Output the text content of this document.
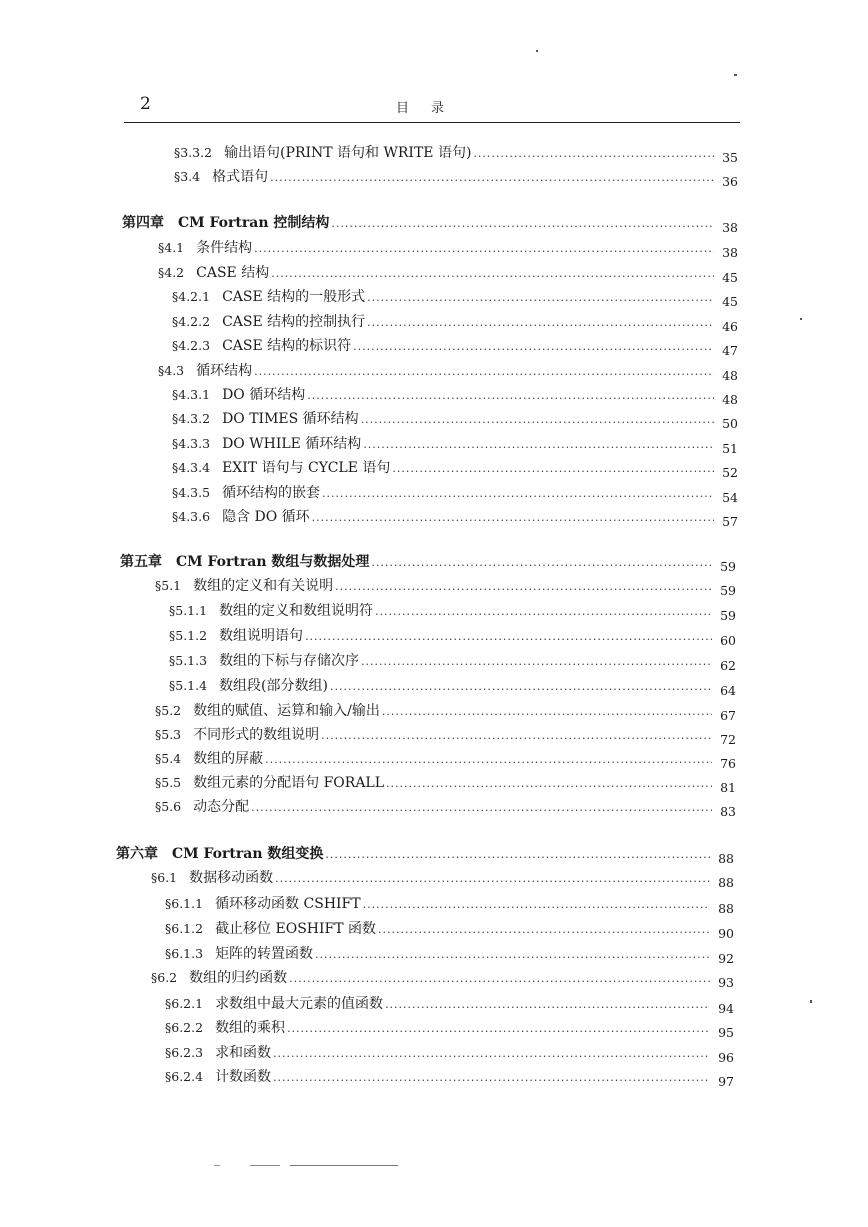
2	目录
§3.3.2 输出语句(PRINT 语句和 WRITE 语句) .....	35
§3.4 格式语句 .....	36
第四章　CM Fortran 控制结构 .....	38
§4.1 条件结构 .....	38
§4.2 CASE 结构 .....	45
§4.2.1 CASE 结构的一般形式 .....	45
§4.2.2 CASE 结构的控制执行 .....	46
§4.2.3 CASE 结构的标识符 .....	47
§4.3 循环结构 .....	48
§4.3.1 DO 循环结构 .....	48
§4.3.2 DO TIMES 循环结构 .....	50
§4.3.3 DO WHILE 循环结构 .....	51
§4.3.4 EXIT 语句与 CYCLE 语句 .....	52
§4.3.5 循环结构的嵌套 .....	54
§4.3.6 隐含 DO 循环 .....	57
第五章　CM Fortran 数组与数据处理 .....	59
§5.1 数组的定义和有关说明 .....	59
§5.1.1 数组的定义和数组说明符 .....	59
§5.1.2 数组说明语句 .....	60
§5.1.3 数组的下标与存储次序 .....	62
§5.1.4 数组段(部分数组) .....	64
§5.2 数组的赋值、运算和输入/输出 .....	67
§5.3 不同形式的数组说明 .....	72
§5.4 数组的屏蔽 .....	76
§5.5 数组元素的分配语句 FORALL .....	81
§5.6 动态分配 .....	83
第六章　CM Fortran 数组变换 .....	88
§6.1 数据移动函数 .....	88
§6.1.1 循环移动函数 CSHIFT .....	88
§6.1.2 截止移位 EOSHIFT 函数 .....	90
§6.1.3 矩阵的转置函数 .....	92
§6.2 数组的归约函数 .....	93
§6.2.1 求数组中最大元素的值函数 .....	94
§6.2.2 数组的乘积 .....	95
§6.2.3 求和函数 .....	96
§6.2.4 计数函数 .....	97
